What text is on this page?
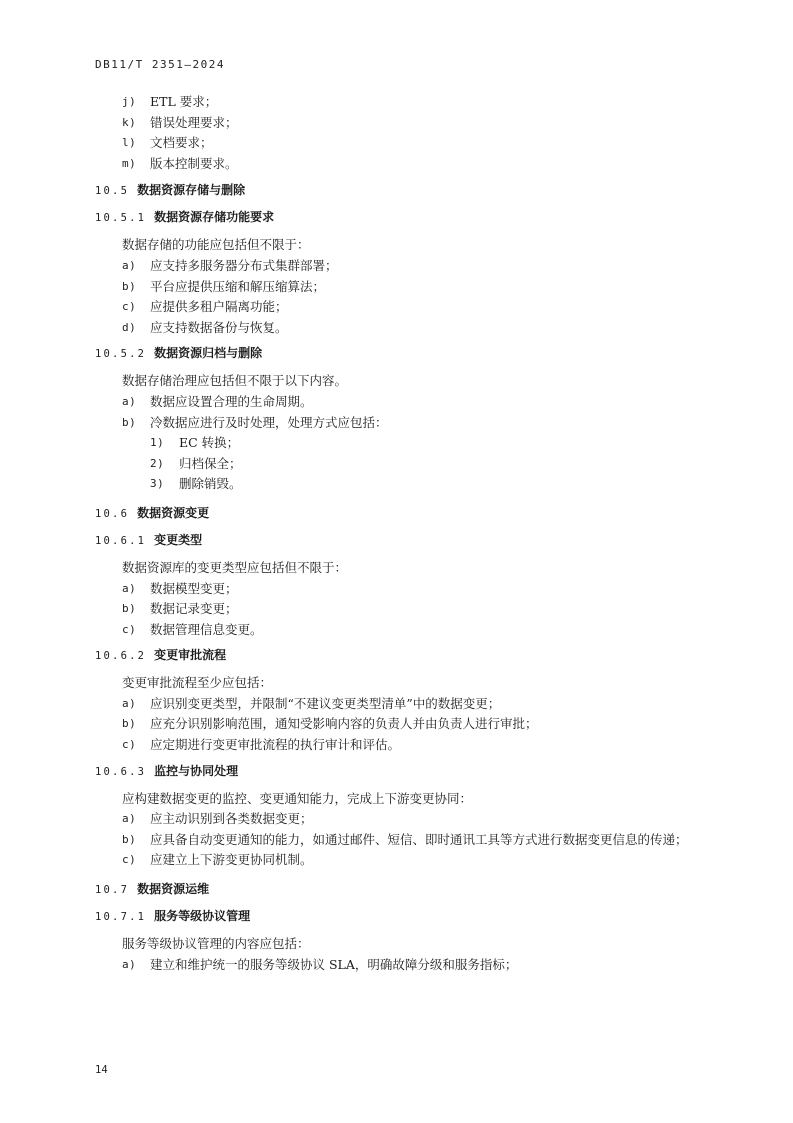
DB11/T 2351—2024
j) ETL 要求；
k) 错误处理要求；
l) 文档要求；
m) 版本控制要求。
10.5 数据资源存储与删除
10.5.1 数据资源存储功能要求
数据存储的功能应包括但不限于：
a) 应支持多服务器分布式集群部署；
b) 平台应提供压缩和解压缩算法；
c) 应提供多租户隔离功能；
d) 应支持数据备份与恢复。
10.5.2 数据资源归档与删除
数据存储治理应包括但不限于以下内容。
a) 数据应设置合理的生命周期。
b) 冷数据应进行及时处理，处理方式应包括：
1) EC 转换；
2) 归档保全；
3) 删除销毁。
10.6 数据资源变更
10.6.1 变更类型
数据资源库的变更类型应包括但不限于：
a) 数据模型变更；
b) 数据记录变更；
c) 数据管理信息变更。
10.6.2 变更审批流程
变更审批流程至少应包括：
a) 应识别变更类型，并限制“不建议变更类型清单”中的数据变更；
b) 应充分识别影响范围，通知受影响内容的负责人并由负责人进行审批；
c) 应定期进行变更审批流程的执行审计和评估。
10.6.3 监控与协同处理
应构建数据变更的监控、变更通知能力，完成上下游变更协同：
a) 应主动识别到各类数据变更；
b) 应具备自动变更通知的能力，如通过邮件、短信、即时通讯工具等方式进行数据变更信息的传递；
c) 应建立上下游变更协同机制。
10.7 数据资源运维
10.7.1 服务等级协议管理
服务等级协议管理的内容应包括：
a) 建立和维护统一的服务等级协议 SLA，明确故障分级和服务指标；
14
